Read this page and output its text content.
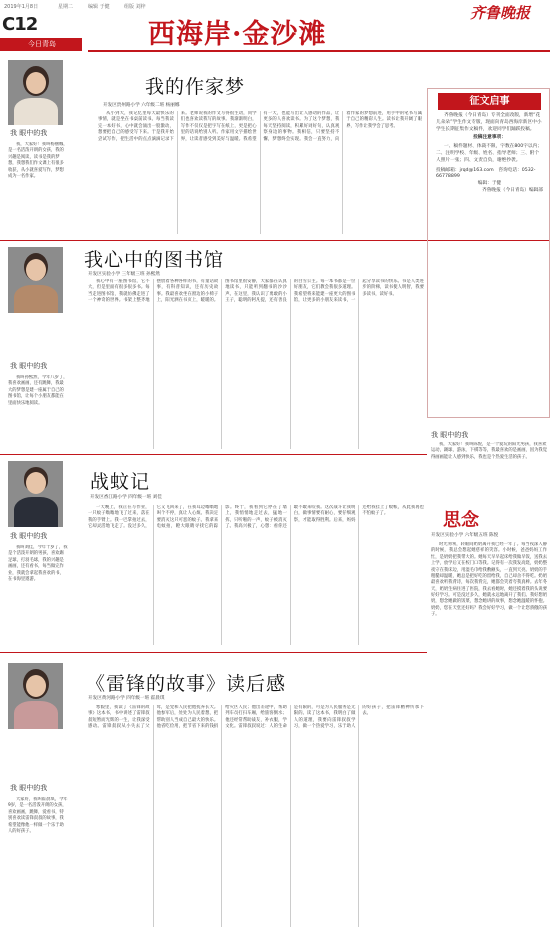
2019年1月8日	星期二	编辑 于健	组版 刘梓
C12
今日青岛	西海岸·金沙滩
齐鲁晚报
我 眼中的我
我，大家好！我叫杨丽娜，是一名活泼开朗的女孩，我的兴趣是阅读，读书是我的梦想，我想我们作文课上有很多收获，从小就喜爱写作，梦想成为一名作家。
我的作家梦
开发区贵州路小学 六年级二班 杨丽娜
从小到大，我记忆里每天最快乐的事情，就是坐在书桌前读书。每当我读完一本好书，心中就会涌出一股激动，想要把自己的感受写下来。于是我开始尝试写作，把生活中的点点滴滴记录下来。老师说我的作文写得很生动，同学们也喜欢读我写的故事。我渐渐明白，写作不仅仅是把字写在纸上，更是把心里的话说给别人听。作家用文字描绘世界，让读者感受到美好与温暖。我希望有一天，也能写出让人感动的作品，让更多的人喜欢读书。为了这个梦想，我每天坚持阅读，积累好词好句，认真观察身边的事物。我相信，只要坚持不懈，梦想终会实现。我会一直努力，向着作家的梦想前进，用手中的笔书写属于自己的精彩人生。读书让我开阔了眼界，写作让我学会了思考。
我 眼中的我
我叫孙熙然，今年八岁了，我喜欢画画，还有跳舞，我最大的梦想是建一座属于自己的图书馆，让每个小朋友都能在里面快乐地阅读。
我心中的图书馆
开发区实验小学 三年级三班 孙熙然
我心中有一座图书馆，它不大，但是里面有很多很多书。每当走进图书馆，我就仿佛走进了一个神奇的世界。书架上整齐地摆放着各种各样的书，有童话故事，有科普知识，还有历史故事。我最喜欢坐在窗边的小椅子上，阳光洒在书页上，暖暖的。图书馆里很安静，大家都在认真地读书，只能听到翻书的沙沙声。在这里，我认识了勇敢的小王子，聪明的阿凡提，还有善良的白雪公主。每一本书都是一位好朋友，它们教会我很多道理。我希望将来能建一座更大的图书馆，让更多的小朋友来读书，一起分享读书的快乐。书是人类进步的阶梯，读书使人明智，我要多读书，读好书。
征文启事

齐鲁晚报（今日青岛）专刊全面改版，新增“花儿朵朵”学生作文专版，现面向青岛西海岸新区中小学生长期征集作文稿件，欢迎同学们踊跃投稿。

投稿注意事项：

一、稿件题材、体裁不限，字数在800字以内；二、注明学校、年级、姓名、指导老师；三、附个人照片一张；四、文责自负，谢绝抄袭。

投稿邮箱：jrqd@163.com　咨询电话：0532-66778899

编辑：于健

齐鲁晚报（今日青岛）编辑部

我 眼中的我
我，大家好！我叫陈悦，是一个爱玩的阳光男孩，我喜欢运动，踢球，游泳，下棋等等，我最喜欢的是画画，因为我觉得画画能让人感到快乐，我也是个热爱生活的孩子。
我 眼中的我
我叫刘佳，今年十岁了，我是个活泼开朗的男孩，喜欢踢足球，打羽毛球，我的兴趣是画画，还有看书，每当做完作业，我就会拿起我喜欢的书，在书海里遨游。
战蚊记
开发区香江路小学 四年级一班 刘佳
一天晚上，我正在写作业，一只蚊子嗡嗡地飞了过来，落在我的手臂上。我一巴掌拍过去，它却灵活地飞走了。没过多久，它又飞回来了，在我耳边嗡嗡地叫个不停，真让人心烦。我决定要消灭这只可恶的蚊子。我拿来电蚊拍，瞪大眼睛寻找它的踪影。终于，我看到它停在了墙上，我悄悄地走过去，猛地一挥，只听啪的一声，蚊子被消灭了。我高兴极了，心想：看你还敢不敢来咬我。这次战斗让我明白，做事情要有耐心，要仔细观察，才能取得胜利。后来，妈妈还给我挂上了蚊帐，从此我再也不怕蚊子了。	思念
开发区实验小学 六年级五班 陈悦
时光匆匆，转眼间奶奶离开我已经一年了。每当夜深人静的时候，我总会想起她慈祥的笑容。小时候，爸爸妈妈工作忙，是奶奶把我带大的。她每天早早起床给我做早饭，送我去上学，放学后又在校门口等我。记得有一次我发高烧，奶奶整夜守在我床边，用湿毛巾给我敷额头，一直到天亮。奶奶的手粗糙却温暖，她总是把好吃的留给我，自己却舍不得吃。奶奶最喜欢听我背诗，每次我背完，她都会笑着夸我真棒。去年冬天，奶奶生病住进了医院，我去看她时，她还摸着我的头说要好好学习。可是没过多久，她就永远地离开了我们。我好想奶奶，想念她做的饭菜，想念她讲的故事，想念她温暖的怀抱。奶奶，您在天堂还好吗？我会好好学习，做一个让您骄傲的孩子。
我 眼中的我
大家好，我叫霍晨琪，今年9岁，是一名活泼开朗的女孩，喜欢画画，跳舞，爱看书，特别喜欢读雷锋叔叔的故事，我希望能像他一样做一个乐于助人的好孩子。
《雷锋的故事》读后感
开发区黄河路小学 四年级一班 霍晨琪
寒假里，我读了《雷锋的故事》这本书，书中讲述了雷锋叔叔短暂而光辉的一生，让我深受感动。雷锋叔叔从小失去了父母，是党和人民把他抚养长大。他参军后，处处为人民着想，把帮助别人当成自己最大的快乐。他省吃俭用，把节省下来的钱捐给灾区人民；他出差途中，帮助列车员打扫车厢，给旅客倒水；他还经常帮助战友，补衣服，学文化。雷锋叔叔说过：人的生命是有限的，可是为人民服务是无限的。读了这本书，我明白了做人的道理，我要向雷锋叔叔学习，做一个热爱学习，乐于助人的好孩子，把雷锋精神传承下去。
